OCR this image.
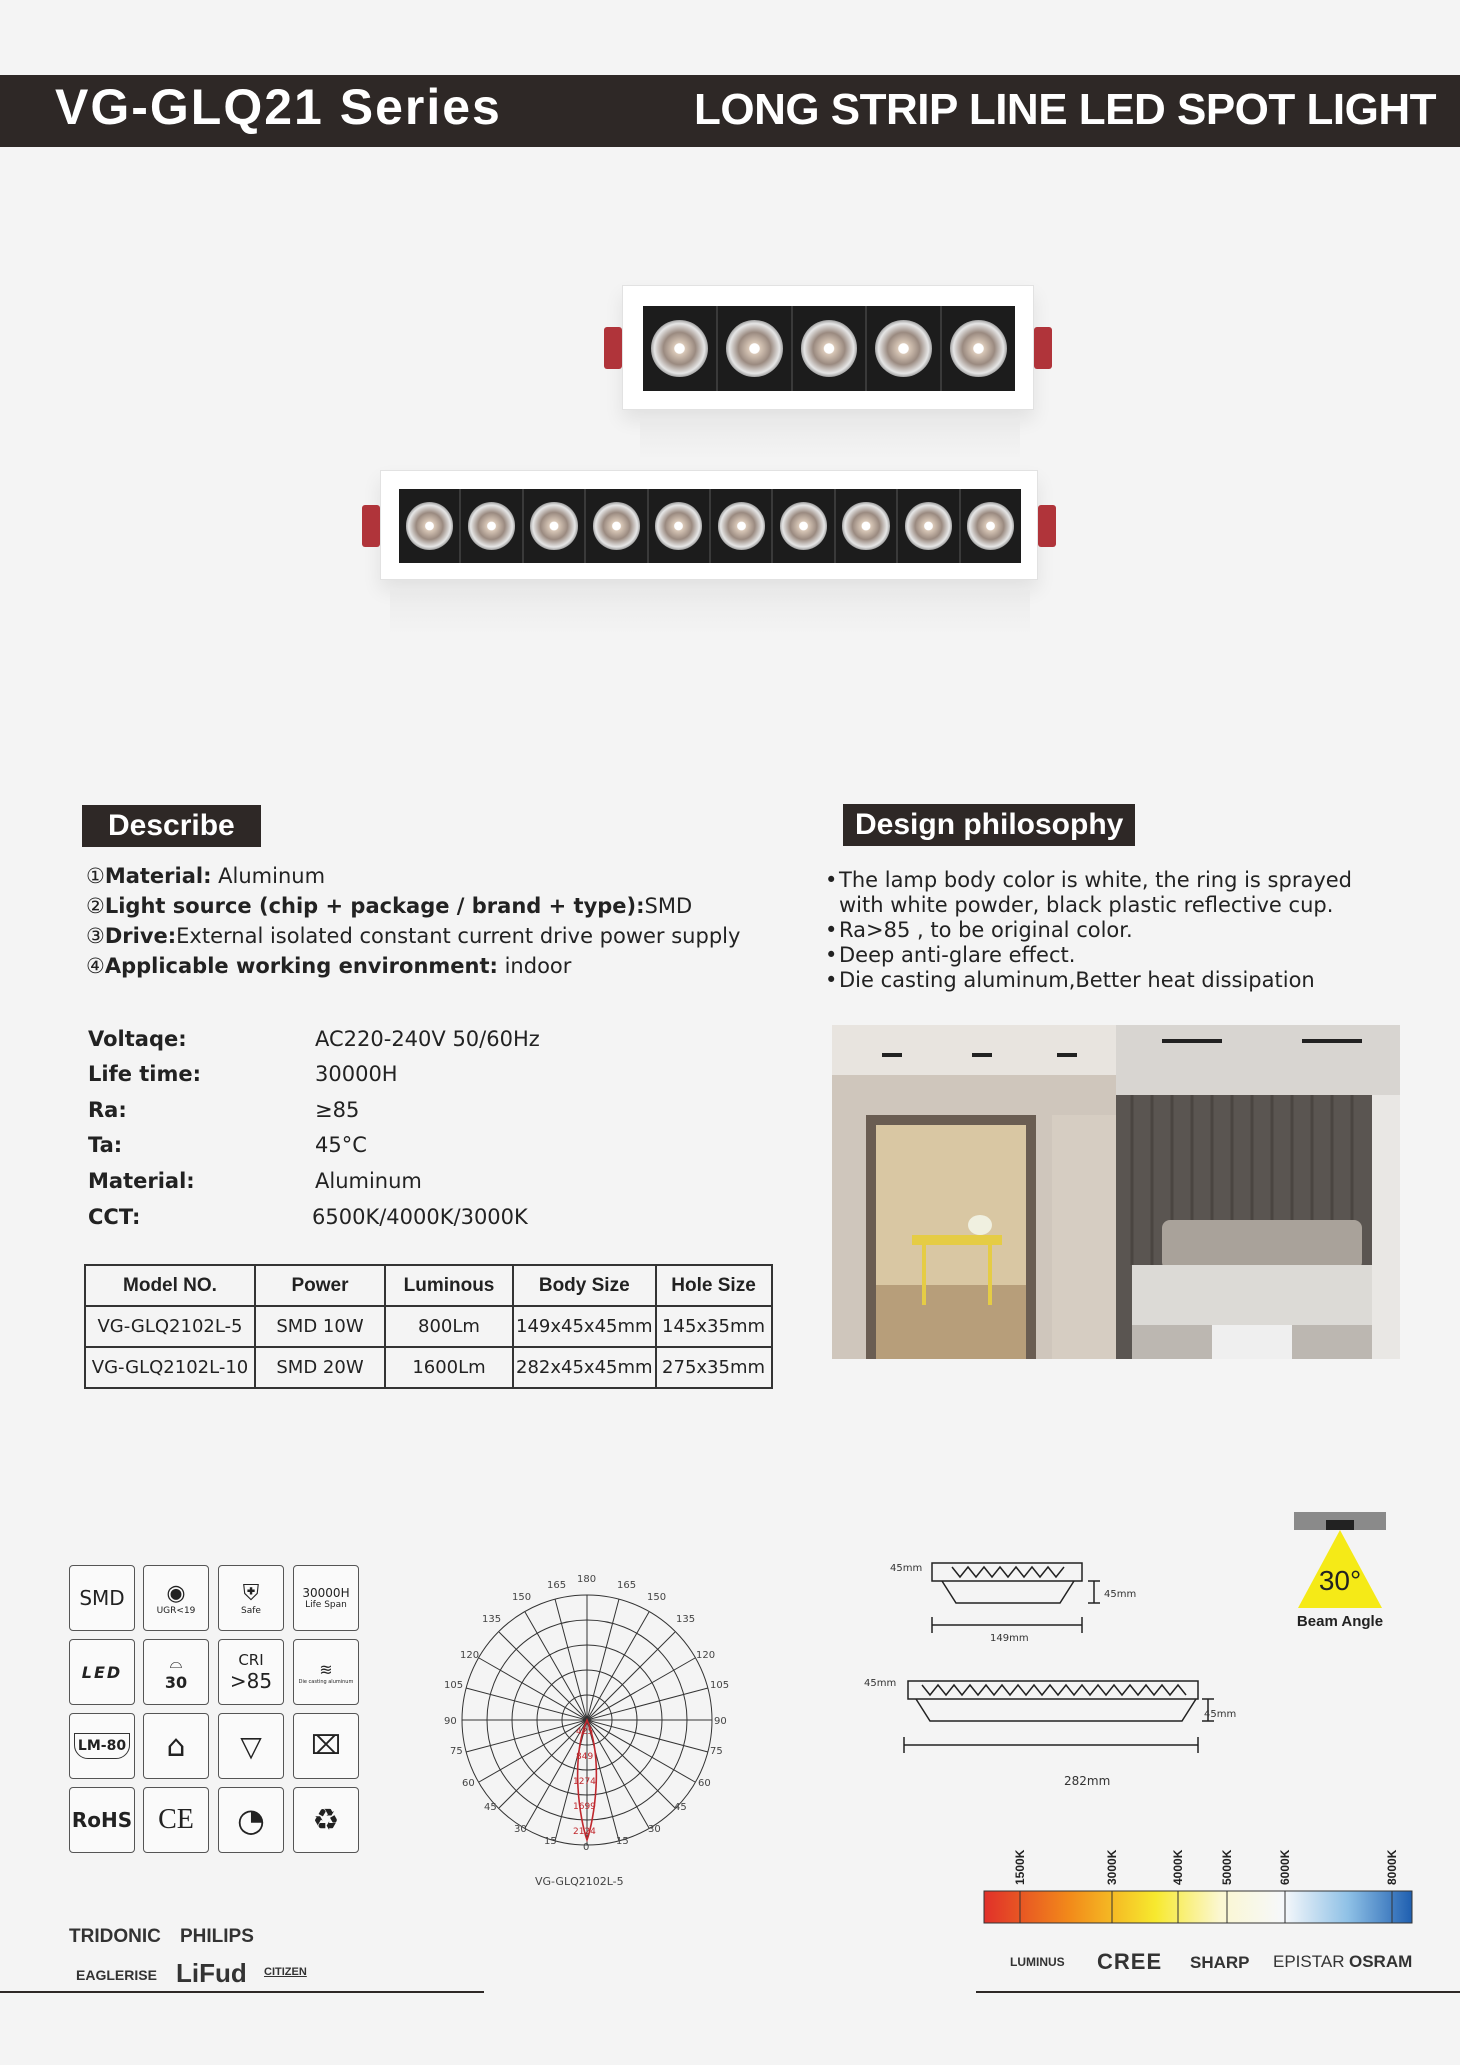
VG-GLQ21 Series	LONG STRIP LINE LED SPOT LIGHT
Describe
①Material: Aluminum
②Light source (chip + package / brand + type):SMD
③Drive:External isolated constant current drive power supply
④Applicable working environment: indoor
Voltaqe:	AC220-240V 50/60Hz
Life time:	30000H
Ra:	≥85
Ta:	45°C
Material:	Aluminum
CCT:	6500K/4000K/3000K
Model NO.	Power	Luminous	Body Size	Hole Size
VG-GLQ2102L-5	SMD 10W	800Lm	149x45x45mm	145x35mm
VG-GLQ2102L-10	SMD 20W	1600Lm	282x45x45mm	275x35mm
Design philosophy
•The lamp body color is white, the ring is sprayed
with white powder, black plastic reflective cup.
•Ra>85 , to be original color.
•Deep anti-glare effect.
•Die casting aluminum,Better heat dissipation
SMD ◉
UGR<19
⛨
Safe
30000H
Life Span
LED
⌓
30
CRI
>85	≋
Die casting aluminum
LM-80 ⌂ ▽ ⌧
RoHS CE ◔ ♻
165
180
165
150
135
120
105
90
75
60
45
30
15
150
135
120
105
90
75
60
45
30
15
0
425
849
1274
1699
2124
VG-GLQ2102L-5
45mm
45mm
149mm
45mm
45mm
282mm
30°
Beam Angle
1500K	3000K	4000K	5000K	6000K	8000K
TRIDONIC PHILIPS
EAGLERISE LiFud CITIZEN
LUMINUS CREE SHARP EPISTAR OSRAM
